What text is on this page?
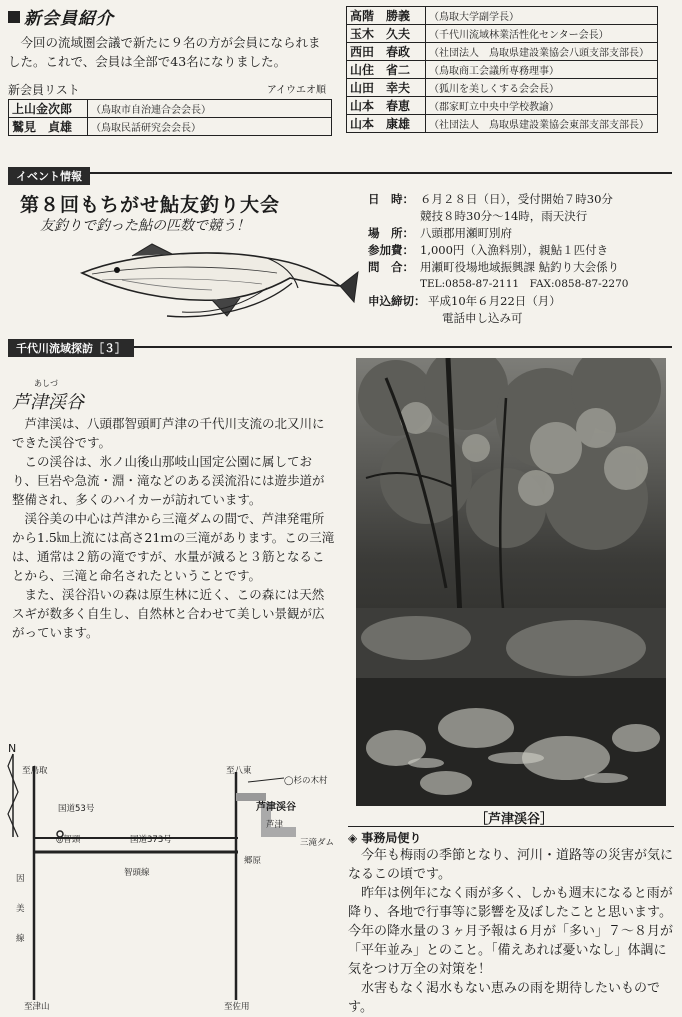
新会員紹介

今回の流域圏会議で新たに９名の方が会員になられました。これで、会員は全部で43名になりました。

新会員リスト	アイウエオ順
上山金次郎	（鳥取市自治連合会会長）
鷲見　貞雄	（鳥取民話研究会会長）
高階　勝義	（鳥取大学副学長）
玉木　久夫	（千代川流域林業活性化センター会長）
西田　春政	（社団法人　鳥取県建設業協会八頭支部支部長）
山住　省二	（鳥取商工会議所専務理事）
山田　幸夫	（狐川を美しくする会会長）
山本　春恵	（郡家町立中央中学校教諭）
山本　康雄	（社団法人　鳥取県建設業協会東部支部支部長）
イベント情報
第８回もちがせ鮎友釣り大会
友釣りで釣った鮎の匹数で競う！
日　時： ６月２８日（日），受付開始７時30分
競技８時30分～14時，雨天決行
場　所： 八頭郡用瀬町別府
参加費： 1,000円（入漁料別），親鮎１匹付き
問　合： 用瀬町役場地域振興課 鮎釣り大会係り
TEL:0858-87-2111　FAX:0858-87-2270
申込締切： 平成10年６月22日（月）
電話申し込み可
千代川流域探訪［３］
あしづ
芦津渓谷

芦津渓は、八頭郡智頭町芦津の千代川支流の北又川にできた渓谷です。

この渓谷は、氷ノ山後山那岐山国定公園に属しており、巨岩や急流・淵・滝などのある渓流沿には遊歩道が整備され、多くのハイカーが訪れています。

渓谷美の中心は芦津から三滝ダムの間で、芦津発電所から1.5㎞上流には高さ21ｍの三滝があります。この三滝は、通常は２筋の滝ですが、水量が減ると３筋となることから、三滝と命名されたということです。

また、渓谷沿いの森は原生林に近く、この森には天然スギが数多く自生し、自然林と合わせて美しい景観が広がっています。

［芦津渓谷］
N
至鳥取	至八東
◯杉の木村
芦津渓谷
芦津
三滝ダム
国道53号
◎智頭	国道373号
郷原
智頭線
因
美
線
至津山	至佐用
◈ 事務局便り

今年も梅雨の季節となり、河川・道路等の災害が気になるこの頃です。

昨年は例年になく雨が多く、しかも週末になると雨が降り、各地で行事等に影響を及ぼしたことと思います。今年の降水量の３ヶ月予報は６月が「多い」７～８月が「平年並み」とのこと。「備えあれば憂いなし」体調に気をつけ万全の対策を！

水害もなく渇水もない恵みの雨を期待したいものです。
